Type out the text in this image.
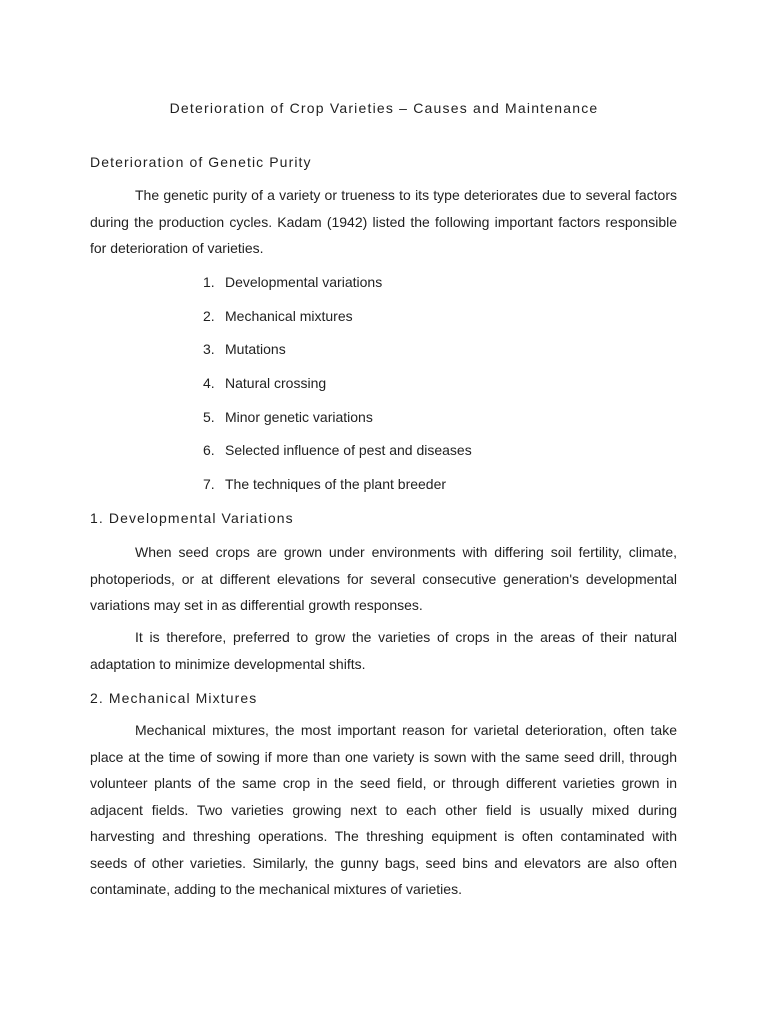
Deterioration of Crop Varieties – Causes and Maintenance
Deterioration of Genetic Purity

The genetic purity of a variety or trueness to its type deteriorates due to several factors during the production cycles. Kadam (1942) listed the following important factors responsible for deterioration of varieties.

1. Developmental variations
2. Mechanical mixtures
3. Mutations
4. Natural crossing
5. Minor genetic variations
6. Selected influence of pest and diseases
7. The techniques of the plant breeder
1. Developmental Variations

When seed crops are grown under environments with differing soil fertility, climate, photoperiods, or at different elevations for several consecutive generation's developmental variations may set in as differential growth responses.

It is therefore, preferred to grow the varieties of crops in the areas of their natural adaptation to minimize developmental shifts.

2. Mechanical Mixtures

Mechanical mixtures, the most important reason for varietal deterioration, often take place at the time of sowing if more than one variety is sown with the same seed drill, through volunteer plants of the same crop in the seed field, or through different varieties grown in adjacent fields. Two varieties growing next to each other field is usually mixed during harvesting and threshing operations. The threshing equipment is often contaminated with seeds of other varieties. Similarly, the gunny bags, seed bins and elevators are also often contaminate, adding to the mechanical mixtures of varieties.
